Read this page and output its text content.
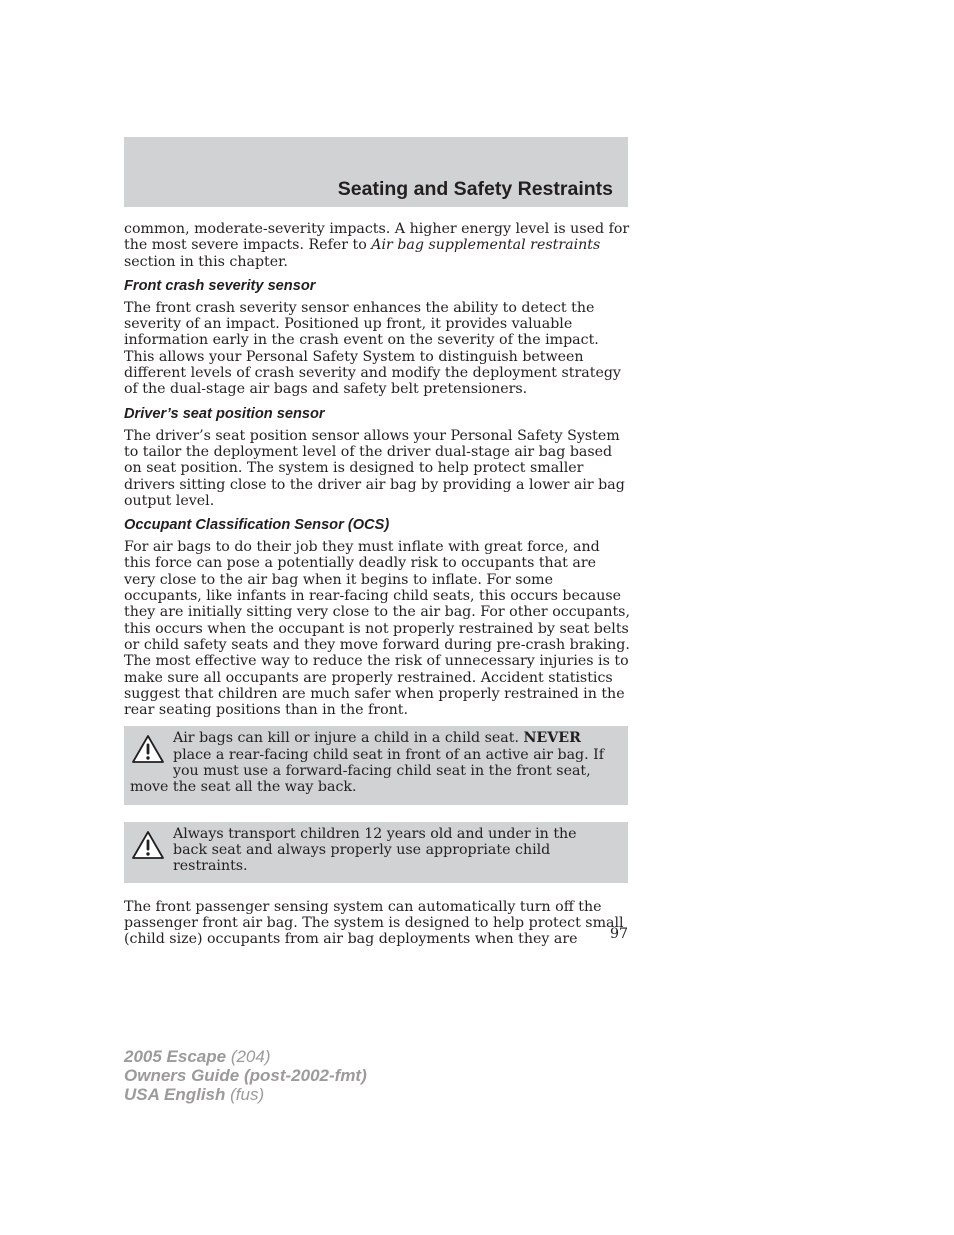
Seating and Safety Restraints

common, moderate-severity impacts. A higher energy level is used for the most severe impacts. Refer to Air bag supplemental restraints section in this chapter.

Front crash severity sensor

The front crash severity sensor enhances the ability to detect the severity of an impact. Positioned up front, it provides valuable information early in the crash event on the severity of the impact. This allows your Personal Safety System to distinguish between different levels of crash severity and modify the deployment strategy of the dual-stage air bags and safety belt pretensioners.

Driver’s seat position sensor

The driver’s seat position sensor allows your Personal Safety System to tailor the deployment level of the driver dual-stage air bag based on seat position. The system is designed to help protect smaller drivers sitting close to the driver air bag by providing a lower air bag output level.

Occupant Classification Sensor (OCS)

For air bags to do their job they must inflate with great force, and this force can pose a potentially deadly risk to occupants that are very close to the air bag when it begins to inflate. For some occupants, like infants in rear-facing child seats, this occurs because they are initially sitting very close to the air bag. For other occupants, this occurs when the occupant is not properly restrained by seat belts or child safety seats and they move forward during pre-crash braking. The most effective way to reduce the risk of unnecessary injuries is to make sure all occupants are properly restrained. Accident statistics suggest that children are much safer when properly restrained in the rear seating positions than in the front.

Air bags can kill or injure a child in a child seat. NEVER place a rear-facing child seat in front of an active air bag. If you must use a forward-facing child seat in the front seat, move the seat all the way back.
Always transport children 12 years old and under in the back seat and always properly use appropriate child restraints.

The front passenger sensing system can automatically turn off the passenger front air bag. The system is designed to help protect small (child size) occupants from air bag deployments when they are	97
2005 Escape (204)
Owners Guide (post-2002-fmt)
USA English (fus)
